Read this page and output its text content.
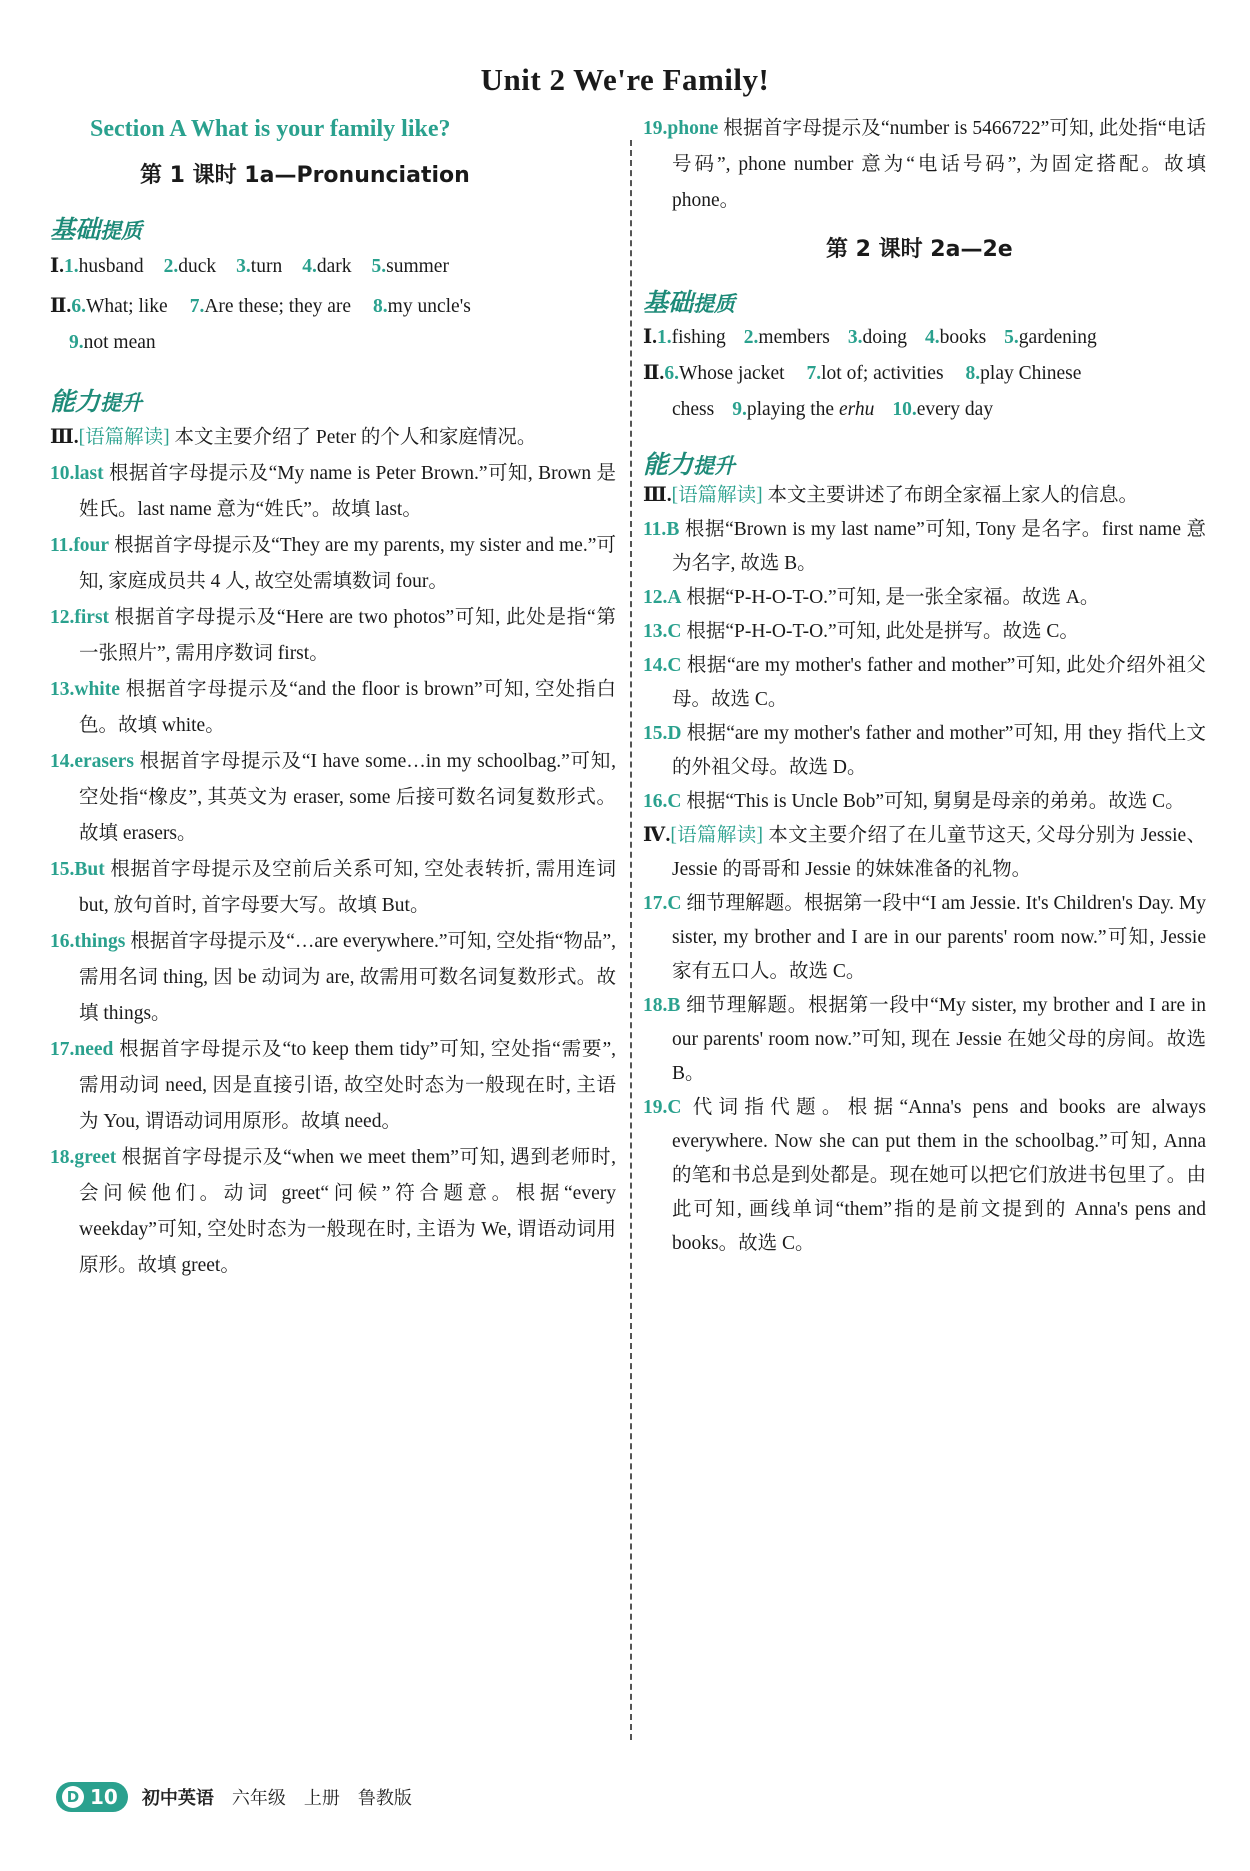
Unit 2 We're Family!
Section A What is your family like?
第 1 课时 1a—Pronunciation
基础提质
Ⅰ.1.husband 2.duck 3.turn 4.dark 5.summer
Ⅱ.6.What; like 7.Are these; they are 8.my uncle's
9.not mean
能力提升
Ⅲ.[语篇解读] 本文主要介绍了 Peter 的个人和家庭情况。
10.last 根据首字母提示及“My name is Peter Brown.”可知, Brown 是姓氏。last name 意为“姓氏”。故填 last。
11.four 根据首字母提示及“They are my parents, my sister and me.”可知, 家庭成员共 4 人, 故空处需填数词 four。
12.first 根据首字母提示及“Here are two photos”可知, 此处是指“第一张照片”, 需用序数词 first。
13.white 根据首字母提示及“and the floor is brown”可知, 空处指白色。故填 white。
14.erasers 根据首字母提示及“I have some…in my schoolbag.”可知, 空处指“橡皮”, 其英文为 eraser, some 后接可数名词复数形式。故填 erasers。
15.But 根据首字母提示及空前后关系可知, 空处表转折, 需用连词 but, 放句首时, 首字母要大写。故填 But。
16.things 根据首字母提示及“…are everywhere.”可知, 空处指“物品”, 需用名词 thing, 因 be 动词为 are, 故需用可数名词复数形式。故填 things。
17.need 根据首字母提示及“to keep them tidy”可知, 空处指“需要”, 需用动词 need, 因是直接引语, 故空处时态为一般现在时, 主语为 You, 谓语动词用原形。故填 need。
18.greet 根据首字母提示及“when we meet them”可知, 遇到老师时, 会问候他们。动词 greet“问候”符合题意。根据“every weekday”可知, 空处时态为一般现在时, 主语为 We, 谓语动词用原形。故填 greet。
19.phone 根据首字母提示及“number is 5466722”可知, 此处指“电话号码”, phone number 意为“电话号码”, 为固定搭配。故填 phone。
第 2 课时 2a—2e
基础提质
Ⅰ.1.fishing 2.members 3.doing 4.books 5.gardening
Ⅱ.6.Whose jacket 7.lot of; activities 8.play Chinese
chess 9.playing the erhu 10.every day
能力提升
Ⅲ.[语篇解读] 本文主要讲述了布朗全家福上家人的信息。
11.B 根据“Brown is my last name”可知, Tony 是名字。first name 意为名字, 故选 B。
12.A 根据“P-H-O-T-O.”可知, 是一张全家福。故选 A。
13.C 根据“P-H-O-T-O.”可知, 此处是拼写。故选 C。
14.C 根据“are my mother's father and mother”可知, 此处介绍外祖父母。故选 C。
15.D 根据“are my mother's father and mother”可知, 用 they 指代上文的外祖父母。故选 D。
16.C 根据“This is Uncle Bob”可知, 舅舅是母亲的弟弟。故选 C。
Ⅳ.[语篇解读] 本文主要介绍了在儿童节这天, 父母分别为 Jessie、Jessie 的哥哥和 Jessie 的妹妹准备的礼物。
17.C 细节理解题。根据第一段中“I am Jessie. It's Children's Day. My sister, my brother and I are in our parents' room now.”可知, Jessie 家有五口人。故选 C。
18.B 细节理解题。根据第一段中“My sister, my brother and I are in our parents' room now.”可知, 现在 Jessie 在她父母的房间。故选 B。
19.C 代词指代题。根据“Anna's pens and books are always everywhere. Now she can put them in the schoolbag.”可知, Anna 的笔和书总是到处都是。现在她可以把它们放进书包里了。由此可知, 画线单词“them”指的是前文提到的 Anna's pens and books。故选 C。
D 10 初中英语 六年级 上册 鲁教版
